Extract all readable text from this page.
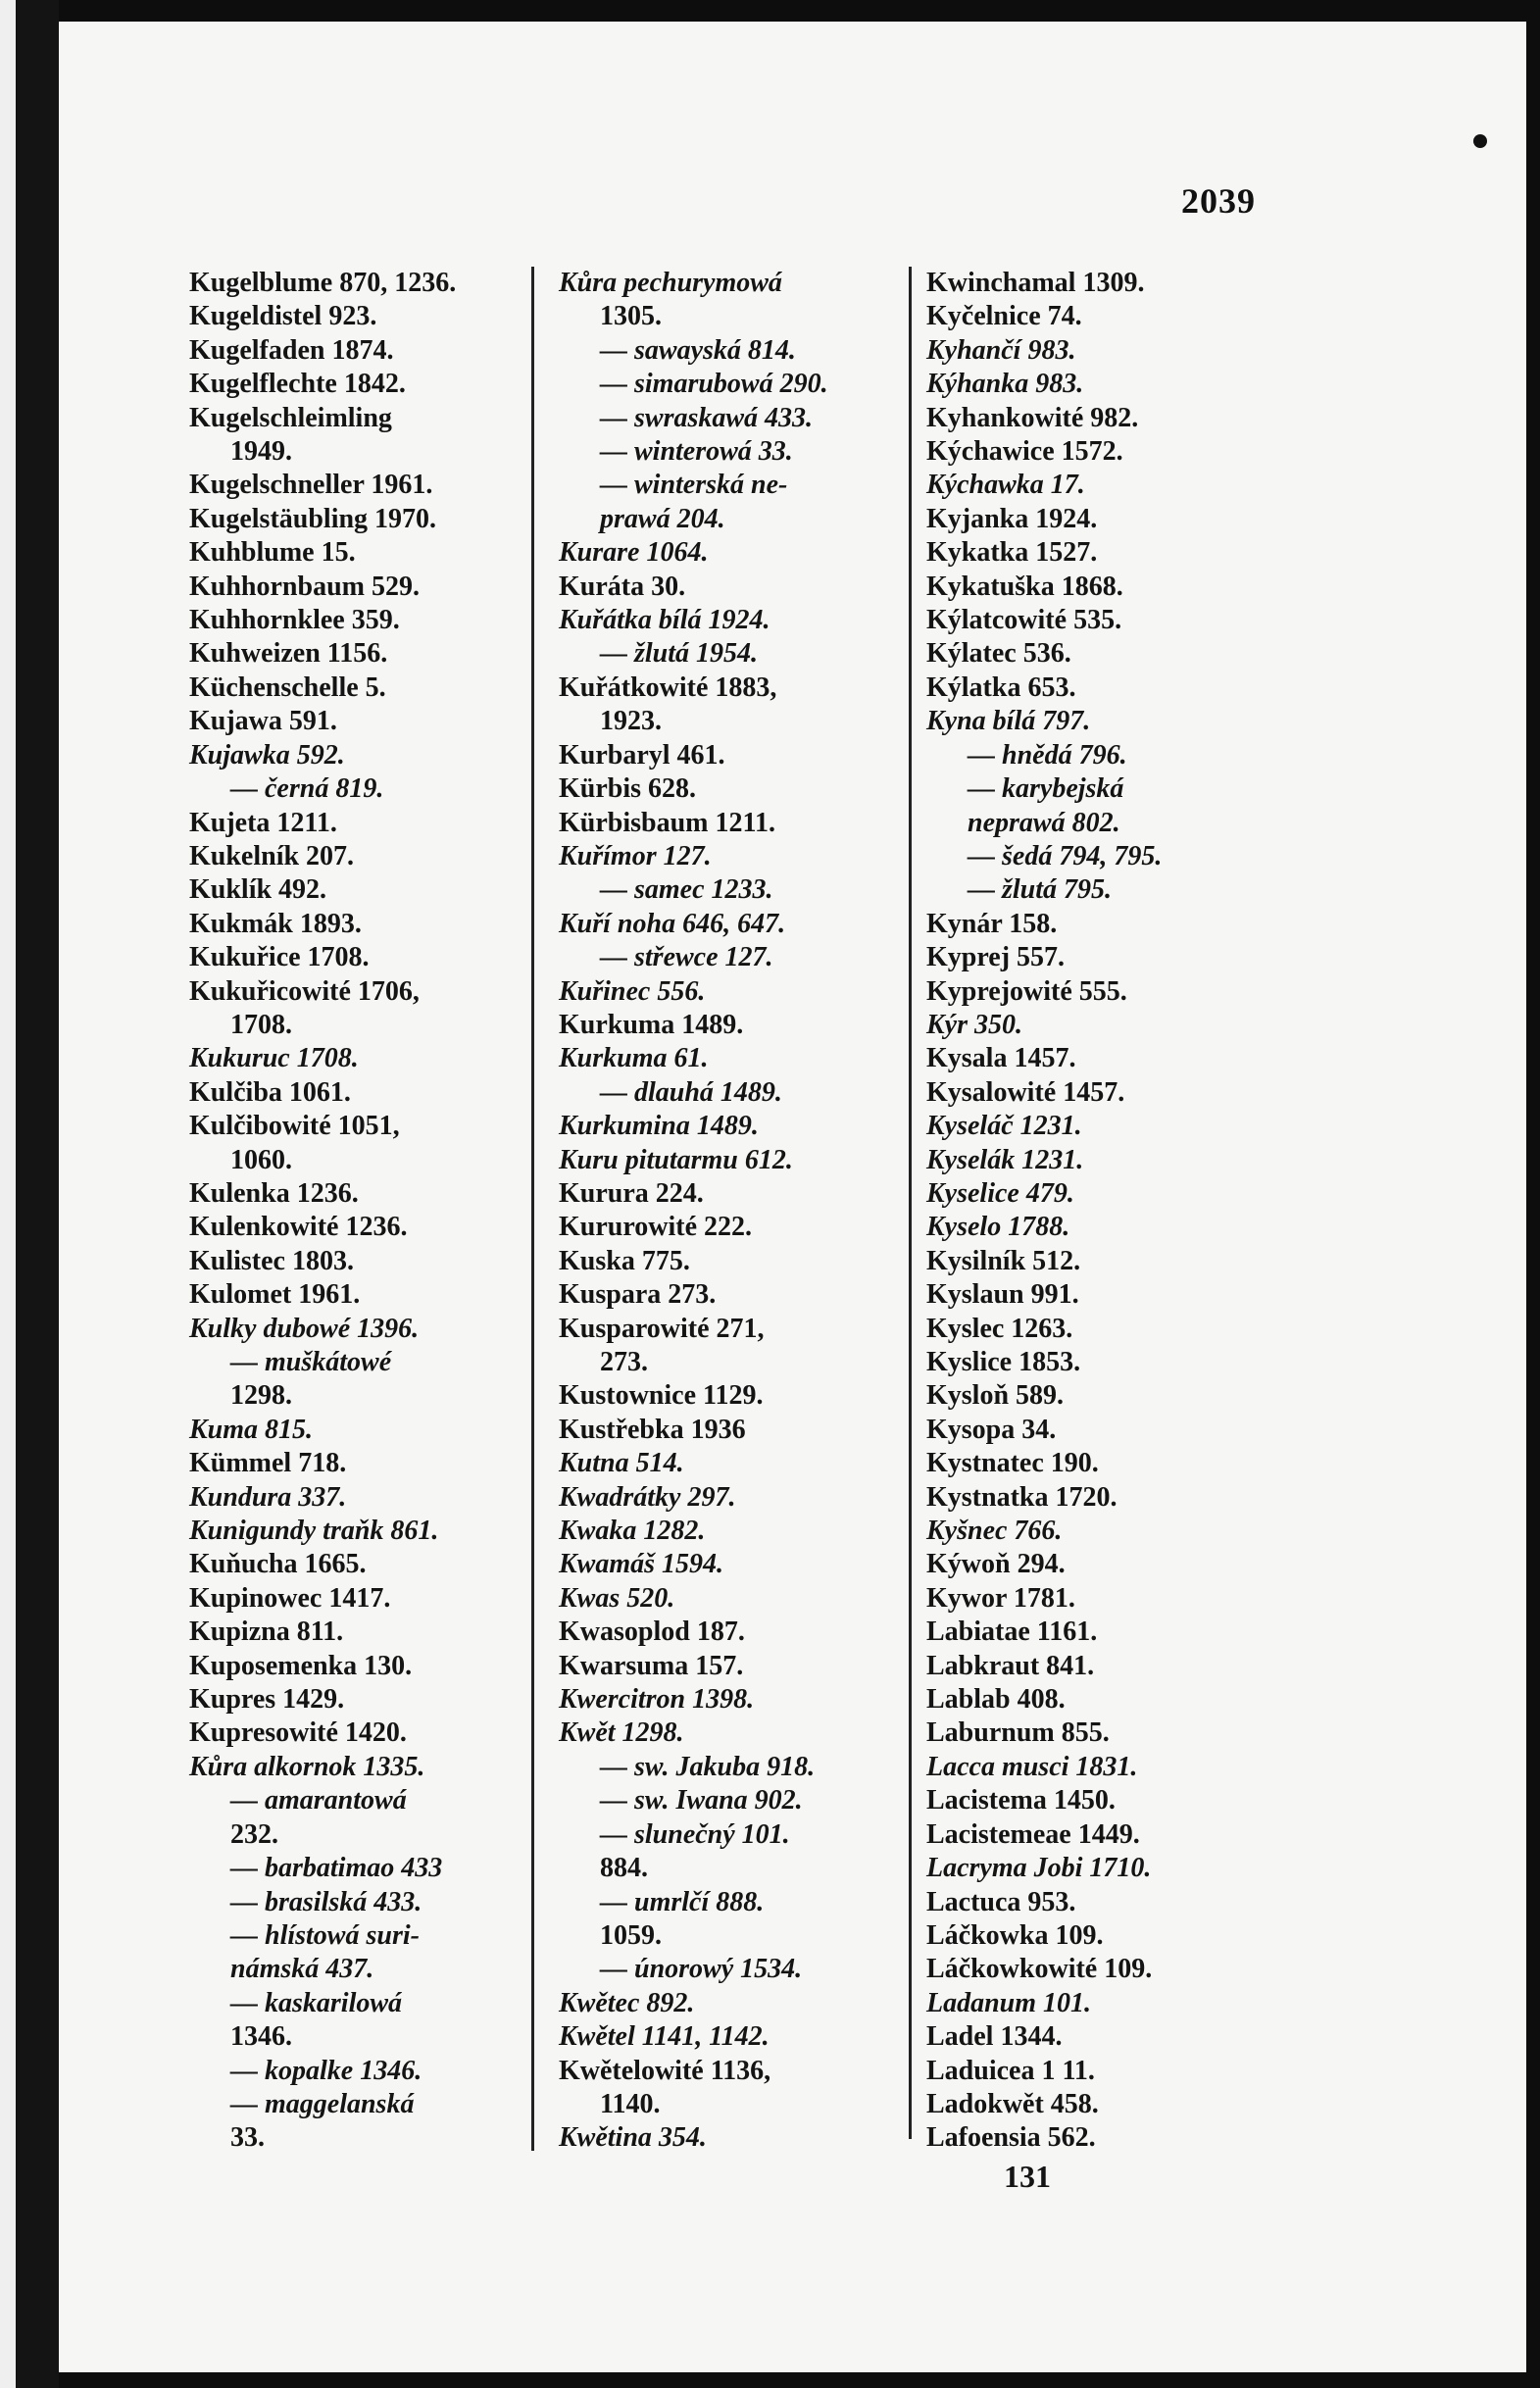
2039
Kugelblume 870, 1236.
Kugeldistel 923.
Kugelfaden 1874.
Kugelflechte 1842.
Kugelschleimling
1949.
Kugelschneller 1961.
Kugelstäubling 1970.
Kuhblume 15.
Kuhhornbaum 529.
Kuhhornklee 359.
Kuhweizen 1156.
Küchenschelle 5.
Kujawa 591.
Kujawka 592.
— černá 819.
Kujeta 1211.
Kukelník 207.
Kuklík 492.
Kukmák 1893.
Kukuřice 1708.
Kukuřicowité 1706,
1708.
Kukuruc 1708.
Kulčiba 1061.
Kulčibowité 1051,
1060.
Kulenka 1236.
Kulenkowité 1236.
Kulistec 1803.
Kulomet 1961.
Kulky dubowé 1396.
— muškátowé
1298.
Kuma 815.
Kümmel 718.
Kundura 337.
Kunigundy traňk 861.
Kuňucha 1665.
Kupinowec 1417.
Kupizna 811.
Kuposemenka 130.
Kupres 1429.
Kupresowité 1420.
Kůra alkornok 1335.
— amarantowá
232.
— barbatimao 433
— brasilská 433.
— hlístowá suri-
námská 437.
— kaskarilowá
1346.
— kopalke 1346.
— maggelanská
33.
Kůra pechurymowá
1305.
— sawayská 814.
— simarubowá 290.
— swraskawá 433.
— winterowá 33.
— winterská ne-
prawá 204.
Kurare 1064.
Kuráta 30.
Kuřátka bílá 1924.
— žlutá 1954.
Kuřátkowité 1883,
1923.
Kurbaryl 461.
Kürbis 628.
Kürbisbaum 1211.
Kuřímor 127.
— samec 1233.
Kuří noha 646, 647.
— střewce 127.
Kuřinec 556.
Kurkuma 1489.
Kurkuma 61.
— dlauhá 1489.
Kurkumina 1489.
Kuru pitutarmu 612.
Kurura 224.
Kururowité 222.
Kuska 775.
Kuspara 273.
Kusparowité 271,
273.
Kustownice 1129.
Kustřebka 1936
Kutna 514.
Kwadrátky 297.
Kwaka 1282.
Kwamáš 1594.
Kwas 520.
Kwasoplod 187.
Kwarsuma 157.
Kwercitron 1398.
Kwět 1298.
— sw. Jakuba 918.
— sw. Iwana 902.
— slunečný 101.
884.
— umrlčí 888.
1059.
— únorowý 1534.
Kwětec 892.
Kwětel 1141, 1142.
Kwětelowité 1136,
1140.
Kwětina 354.
Kwinchamal 1309.
Kyčelnice 74.
Kyhančí 983.
Kýhanka 983.
Kyhankowité 982.
Kýchawice 1572.
Kýchawka 17.
Kyjanka 1924.
Kykatka 1527.
Kykatuška 1868.
Kýlatcowité 535.
Kýlatec 536.
Kýlatka 653.
Kyna bílá 797.
— hnědá 796.
— karybejská
neprawá 802.
— šedá 794, 795.
— žlutá 795.
Kynár 158.
Kyprej 557.
Kyprejowité 555.
Kýr 350.
Kysala 1457.
Kysalowité 1457.
Kyseláč 1231.
Kyselák 1231.
Kyselice 479.
Kyselo 1788.
Kysilník 512.
Kyslaun 991.
Kyslec 1263.
Kyslice 1853.
Kysloň 589.
Kysopa 34.
Kystnatec 190.
Kystnatka 1720.
Kyšnec 766.
Kýwoň 294.
Kywor 1781.
Labiatae 1161.
Labkraut 841.
Lablab 408.
Laburnum 855.
Lacca musci 1831.
Lacistema 1450.
Lacistemeae 1449.
Lacryma Jobi 1710.
Lactuca 953.
Láčkowka 109.
Láčkowkowité 109.
Ladanum 101.
Ladel 1344.
Laduicea 1 11.
Ladokwět 458.
Lafoensia 562.
131
